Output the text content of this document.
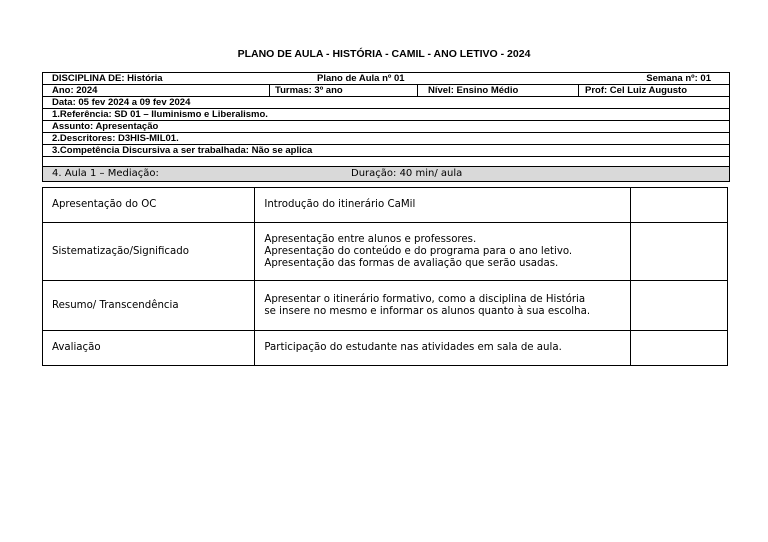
PLANO DE AULA - HISTÓRIA - CAMIL - ANO LETIVO - 2024
DISCIPLINA DE: História	Plano de Aula nº 01	Semana nº: 01
Ano: 2024	Turmas: 3º ano	Nível: Ensino Médio	Prof: Cel Luiz Augusto
Data: 05 fev 2024 a 09 fev 2024
1.Referência: SD 01 – Iluminismo e Liberalismo.
Assunto: Apresentação
2.Descritores: D3HIS-MIL01.
3.Competência Discursiva a ser trabalhada: Não se aplica
4. Aula 1 – Mediação:	Duração: 40 min/ aula
Apresentação do OC	Introdução do itinerário CaMil	

Sistematização/Significado	Apresentação entre alunos e professores.
Apresentação do conteúdo e do programa para o ano letivo.
Apresentação das formas de avaliação que serão usadas.	

Resumo/ Transcendência	Apresentar o itinerário formativo, como a disciplina de História
se insere no mesmo e informar os alunos quanto à sua escolha.	

Avaliação	Participação do estudante nas atividades em sala de aula.	
